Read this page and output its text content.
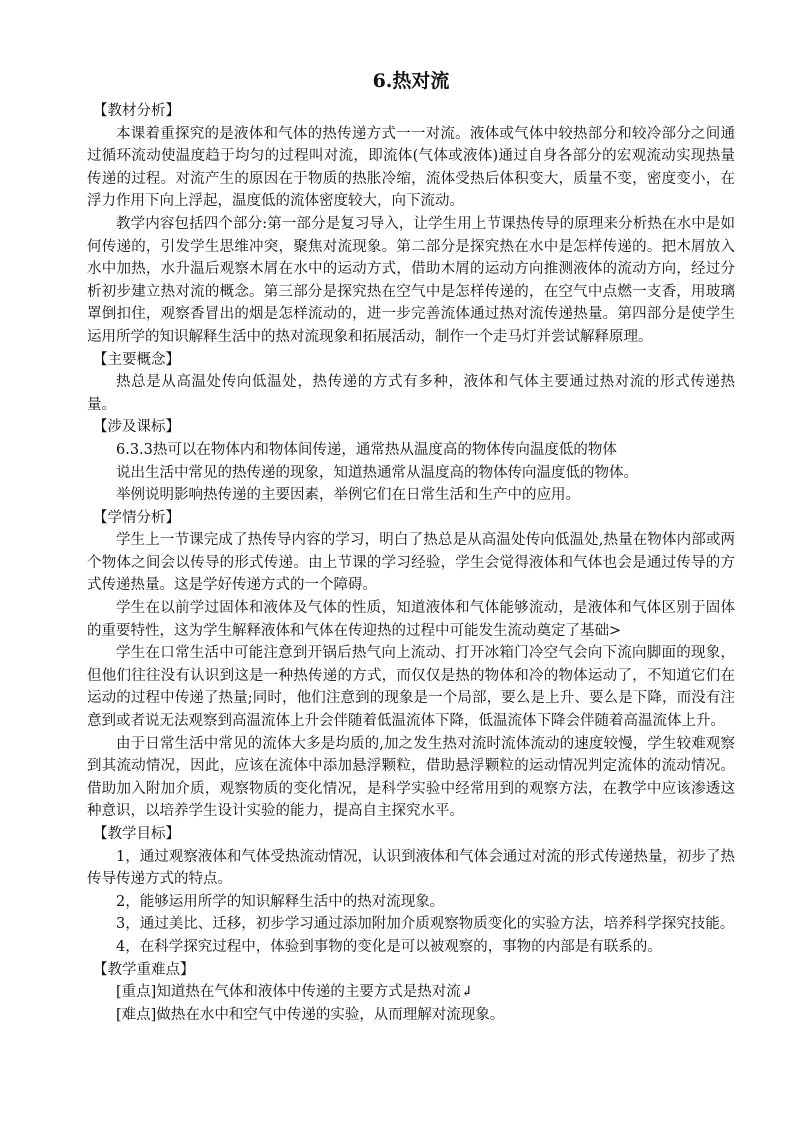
6.热对流

【教材分析】

本课着重探究的是液体和气体的热传递方式一一对流。液体或气体中较热部分和较冷部分之间通过循环流动使温度趋于均匀的过程叫对流，即流体(气体或液体)通过自身各部分的宏观流动实现热量传递的过程。对流产生的原因在于物质的热胀冷缩，流体受热后体积变大，质量不变，密度变小，在浮力作用下向上浮起，温度低的流体密度较大，向下流动。

教学内容包括四个部分:第一部分是复习导入，让学生用上节课热传导的原理来分析热在水中是如何传递的，引发学生思维冲突，聚焦对流现象。第二部分是探究热在水中是怎样传递的。把木屑放入水中加热，水升温后观察木屑在水中的运动方式，借助木屑的运动方向推测液体的流动方向，经过分析初步建立热对流的概念。第三部分是探究热在空气中是怎样传递的，在空气中点燃一支香，用玻璃罩倒扣住，观察香冒出的烟是怎样流动的，进一步完善流体通过热对流传递热量。第四部分是使学生运用所学的知识解释生活中的热对流现象和拓展活动，制作一个走马灯并尝试解释原理。

【主要概念】

热总是从高温处传向低温处，热传递的方式有多种，液体和气体主要通过热对流的形式传递热量。

【涉及课标】

6.3.3热可以在物体内和物体间传递，通常热从温度高的物体传向温度低的物体

说出生活中常见的热传递的现象，知道热通常从温度高的物体传向温度低的物体。

举例说明影响热传递的主要因素，举例它们在日常生活和生产中的应用。

【学情分析】

学生上一节课完成了热传导内容的学习，明白了热总是从高温处传向低温处,热量在物体内部或两个物体之间会以传导的形式传递。由上节课的学习经验，学生会觉得液体和气体也会是通过传导的方式传递热量。这是学好传递方式的一个障碍。

学生在以前学过固体和液体及气体的性质，知道液体和气体能够流动，是液体和气体区别于固体的重要特性，这为学生解释液体和气体在传迎热的过程中可能发生流动奠定了基础>

学生在口常生活中可能注意到开锅后热气向上流动、打开冰箱门冷空气会向下流向脚面的现象，但他们往往没有认识到这是一种热传递的方式，而仅仅是热的物体和冷的物体运动了，不知道它们在运动的过程中传递了热量;同时，他们注意到的现象是一个局部，要么是上升、要么是下降，而没有注意到或者说无法观察到高温流体上升会伴随着低温流体下降，低温流体下降会伴随着高温流体上升。

由于日常生活中常见的流体大多是均质的,加之发生热对流时流体流动的速度较慢，学生较难观察到其流动情况，因此，应该在流体中添加悬浮颗粒，借助悬浮颗粒的运动情况判定流体的流动情况。借助加入附加介质，观察物质的变化情况，是科学实验中经常用到的观察方法，在教学中应该渗透这种意识，以培养学生设计实验的能力，提高自主探究水平。

【教学目标】

1，通过观察液体和气体受热流动情况，认识到液体和气体会通过对流的形式传递热量，初步了热传导传递方式的特点。

2，能够运用所学的知识解释生活中的热对流现象。

3，通过美比、迁移，初步学习通过添加附加介质观察物质变化的实验方法，培养科学探究技能。

4，在科学探究过程中，体验到事物的变化是可以被观察的，事物的内部是有联系的。

【教学重难点】

[重点]知道热在气体和液体中传递的主要方式是热对流↲

[难点]做热在水中和空气中传递的实验，从而理解对流现象。
